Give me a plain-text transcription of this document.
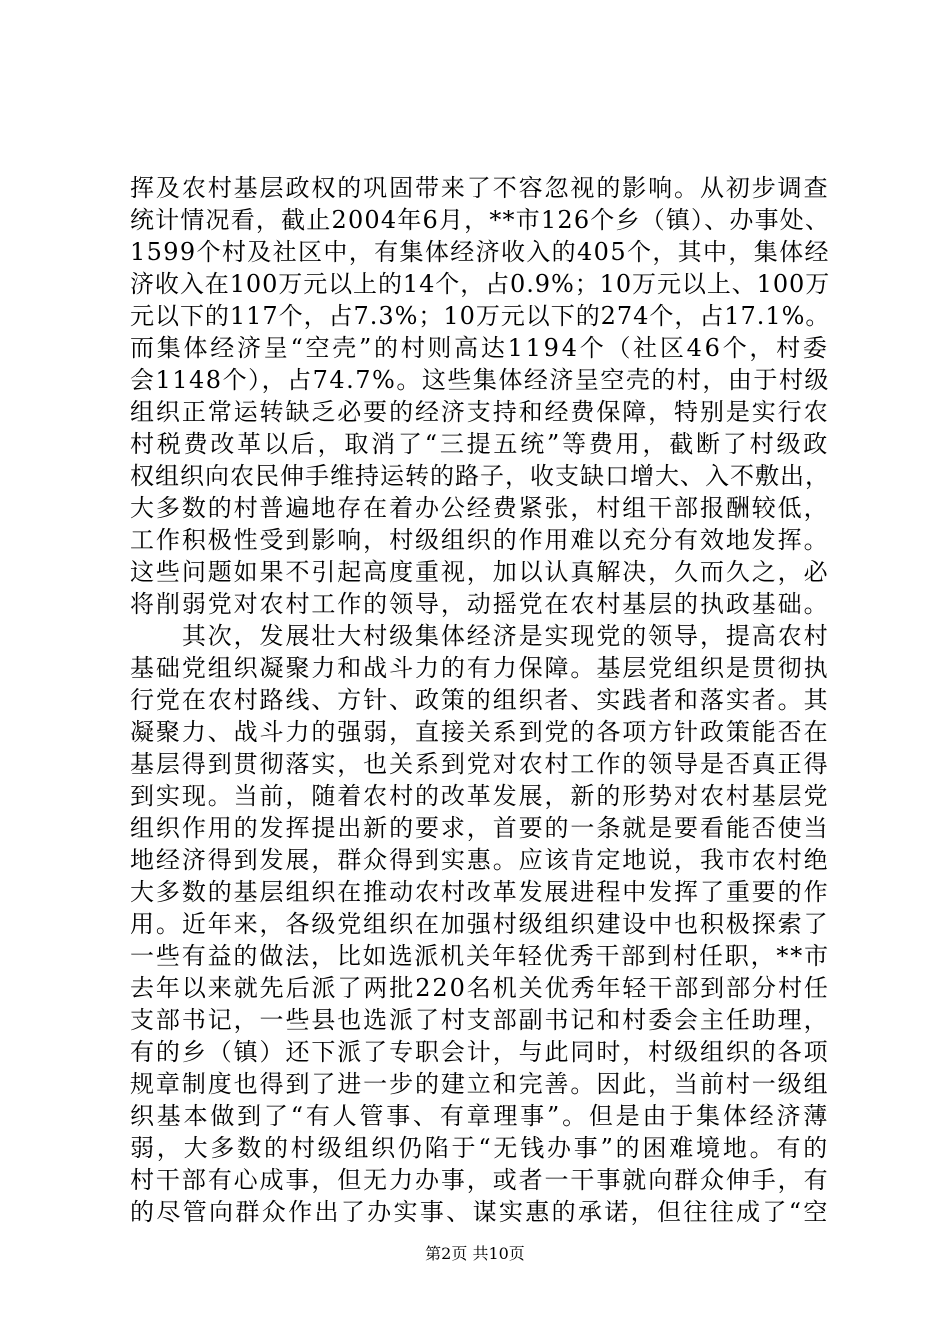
挥及农村基层政权的巩固带来了不容忽视的影响。从初步调查
统计情况看，截止2004年6月，**市126个乡（镇）、办事处、
1599个村及社区中，有集体经济收入的405个，其中，集体经
济收入在100万元以上的14个，占0.9%；10万元以上、100万
元以下的117个，占7.3%；10万元以下的274个，占17.1%。
而集体经济呈“空壳”的村则高达1194个（社区46个，村委
会1148个），占74.7%。这些集体经济呈空壳的村，由于村级
组织正常运转缺乏必要的经济支持和经费保障，特别是实行农
村税费改革以后，取消了“三提五统”等费用，截断了村级政
权组织向农民伸手维持运转的路子，收支缺口增大、入不敷出，
大多数的村普遍地存在着办公经费紧张，村组干部报酬较低，
工作积极性受到影响，村级组织的作用难以充分有效地发挥。
这些问题如果不引起高度重视，加以认真解决，久而久之，必
将削弱党对农村工作的领导，动摇党在农村基层的执政基础。
　　其次，发展壮大村级集体经济是实现党的领导，提高农村
基础党组织凝聚力和战斗力的有力保障。基层党组织是贯彻执
行党在农村路线、方针、政策的组织者、实践者和落实者。其
凝聚力、战斗力的强弱，直接关系到党的各项方针政策能否在
基层得到贯彻落实，也关系到党对农村工作的领导是否真正得
到实现。当前，随着农村的改革发展，新的形势对农村基层党
组织作用的发挥提出新的要求，首要的一条就是要看能否使当
地经济得到发展，群众得到实惠。应该肯定地说，我市农村绝
大多数的基层组织在推动农村改革发展进程中发挥了重要的作
用。近年来，各级党组织在加强村级组织建设中也积极探索了
一些有益的做法，比如选派机关年轻优秀干部到村任职，**市
去年以来就先后派了两批220名机关优秀年轻干部到部分村任
支部书记，一些县也选派了村支部副书记和村委会主任助理，
有的乡（镇）还下派了专职会计，与此同时，村级组织的各项
规章制度也得到了进一步的建立和完善。因此，当前村一级组
织基本做到了“有人管事、有章理事”。但是由于集体经济薄
弱，大多数的村级组织仍陷于“无钱办事”的困难境地。有的
村干部有心成事，但无力办事，或者一干事就向群众伸手，有
的尽管向群众作出了办实事、谋实惠的承诺，但往往成了“空
第2页 共10页
